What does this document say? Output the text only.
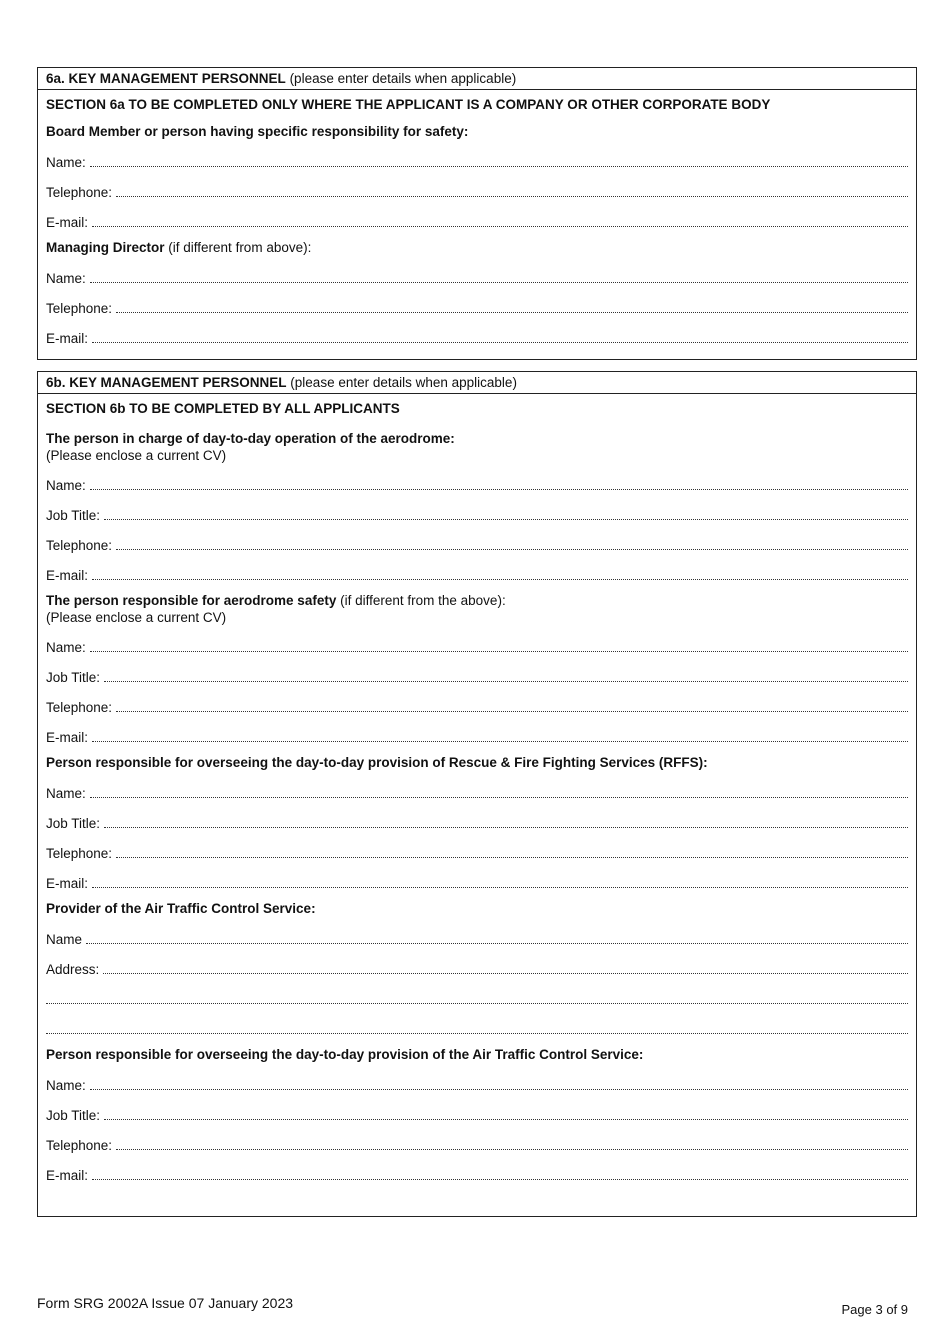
6a. KEY MANAGEMENT PERSONNEL (please enter details when applicable)
SECTION 6a TO BE COMPLETED ONLY WHERE THE APPLICANT IS A COMPANY OR OTHER CORPORATE BODY
Board Member or person having specific responsibility for safety:
Name:
Telephone:
E-mail:
Managing Director (if different from above):
Name:
Telephone:
E-mail:
6b. KEY MANAGEMENT PERSONNEL (please enter details when applicable)
SECTION 6b TO BE COMPLETED BY ALL APPLICANTS
The person in charge of day-to-day operation of the aerodrome:
(Please enclose a current CV)
Name:
Job Title:
Telephone:
E-mail:
The person responsible for aerodrome safety (if different from the above):
(Please enclose a current CV)
Name:
Job Title:
Telephone:
E-mail:
Person responsible for overseeing the day-to-day provision of Rescue & Fire Fighting Services (RFFS):
Name:
Job Title:
Telephone:
E-mail:
Provider of the Air Traffic Control Service:
Name
Address:
Person responsible for overseeing the day-to-day provision of the Air Traffic Control Service:
Name:
Job Title:
Telephone:
E-mail:
Form SRG 2002A Issue 07 January 2023	Page 3 of 9
